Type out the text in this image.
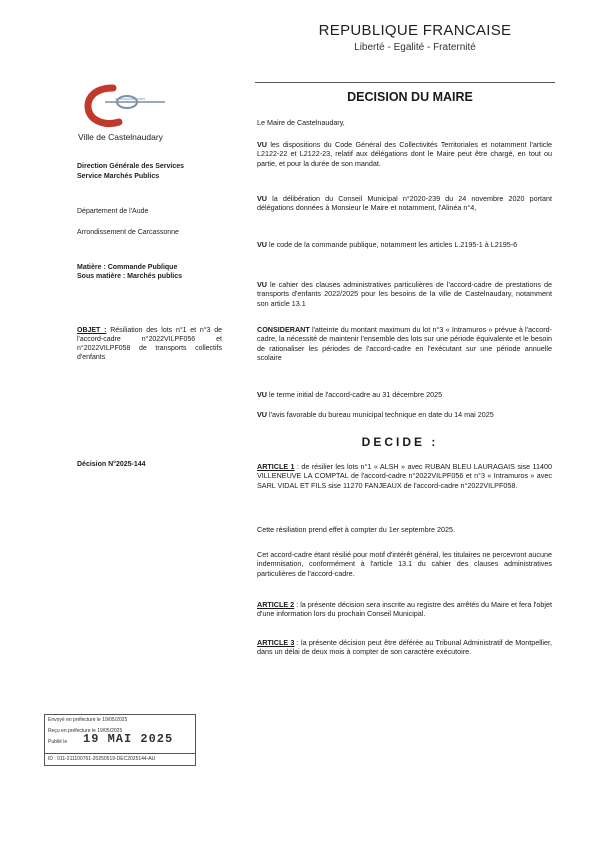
REPUBLIQUE FRANCAISE
Liberté - Egalité - Fraternité
DECISION DU MAIRE
Ville de Castelnaudary
Direction Générale des Services
Service Marchés Publics
Département de l'Aude
Arrondissement de Carcassonne
Matière : Commande Publique
Sous matière : Marchés publics
OBJET : Résiliation des lots n°1 et n°3 de l'accord-cadre n°2022VILPF056 et n°2022VILPF058 de transports collectifs d'enfants
Décision N°2025-144
Le Maire de Castelnaudary,
VU les dispositions du Code Général des Collectivités Territoriales et notamment l'article L2122-22 et L2122-23, relatif aux délégations dont le Maire peut être chargé, en tout ou partie, et pour la durée de son mandat.
VU la délibération du Conseil Municipal n°2020-239 du 24 novembre 2020 portant délégations données à Monsieur le Maire et notamment, l'Alinéa n°4,
VU le code de la commande publique, notamment les articles L.2195-1 à L2195-6
VU le cahier des clauses administratives particulières de l'accord-cadre de prestations de transports d'enfants 2022/2025 pour les besoins de la ville de Castelnaudary, notamment son article 13.1
CONSIDERANT l'atteinte du montant maximum du lot n°3 « Intramuros » prévue à l'accord-cadre, la nécessité de maintenir l'ensemble des lots sur une période équivalente et le besoin de rationaliser les périodes de l'accord-cadre en l'exécutant sur une période annuelle scolaire
VU le terme initial de l'accord-cadre au 31 décembre 2025
VU l'avis favorable du bureau municipal technique en date du 14 mai 2025
DECIDE :
ARTICLE 1 : de résilier les lots n°1 « ALSH » avec RUBAN BLEU LAURAGAIS sise 11400 VILLENEUVE LA COMPTAL de l'accord-cadre n°2022VILPF056 et n°3 « Intramuros » avec SARL VIDAL ET FILS sise 11270 FANJEAUX de l'accord-cadre n°2022VILPF058.
Cette résiliation prend effet à compter du 1er septembre 2025.
Cet accord-cadre étant résilié pour motif d'intérêt général, les titulaires ne percevront aucune indemnisation, conformément à l'article 13.1 du cahier des clauses administratives particulières de l'accord-cadre.
ARTICLE 2 : la présente décision sera inscrite au registre des arrêtés du Maire et fera l'objet d'une information lors du prochain Conseil Municipal.
ARTICLE 3 : la présente décision peut être déférée au Tribunal Administratif de Montpellier, dans un délai de deux mois à compter de son caractère exécutoire.
Envoyé en préfecture le 19/05/2025
Reçu en préfecture le 19/05/2025
Publié le 19 MAI 2025
ID : 011-211100761-20250519-DEC2025144-AU
